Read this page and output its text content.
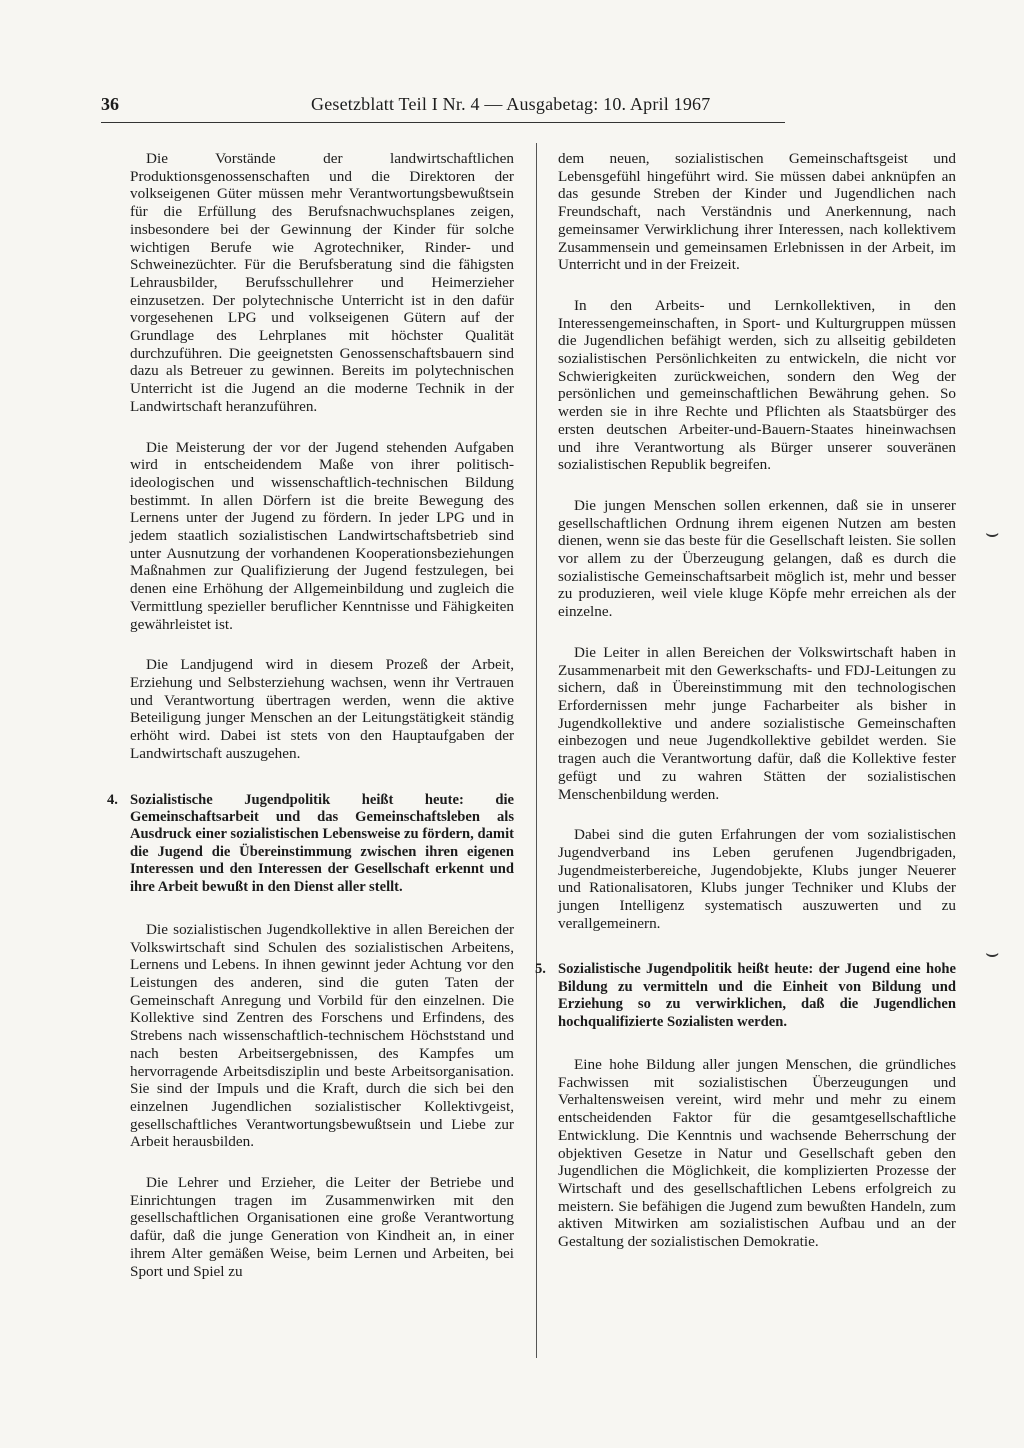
36	Gesetzblatt Teil I Nr. 4 — Ausgabetag: 10. April 1967

Die Vorstände der landwirtschaftlichen Produktionsgenossenschaften und die Direktoren der volkseigenen Güter müssen mehr Verantwortungsbewußtsein für die Erfüllung des Berufsnachwuchsplanes zeigen, insbesondere bei der Gewinnung der Kinder für solche wichtigen Berufe wie Agrotechniker, Rinder- und Schweinezüchter. Für die Berufsberatung sind die fähigsten Lehrausbilder, Berufsschullehrer und Heimerzieher einzusetzen. Der polytechnische Unterricht ist in den dafür vorgesehenen LPG und volkseigenen Gütern auf der Grundlage des Lehrplanes mit höchster Qualität durchzuführen. Die geeignetsten Genossenschaftsbauern sind dazu als Betreuer zu gewinnen. Bereits im polytechnischen Unterricht ist die Jugend an die moderne Technik in der Landwirtschaft heranzuführen.

Die Meisterung der vor der Jugend stehenden Aufgaben wird in entscheidendem Maße von ihrer politisch-ideologischen und wissenschaftlich-technischen Bildung bestimmt. In allen Dörfern ist die breite Bewegung des Lernens unter der Jugend zu fördern. In jeder LPG und in jedem staatlich sozialistischen Landwirtschaftsbetrieb sind unter Ausnutzung der vorhandenen Kooperationsbeziehungen Maßnahmen zur Qualifizierung der Jugend festzulegen, bei denen eine Erhöhung der Allgemeinbildung und zugleich die Vermittlung spezieller beruflicher Kenntnisse und Fähigkeiten gewährleistet ist.

Die Landjugend wird in diesem Prozeß der Arbeit, Erziehung und Selbsterziehung wachsen, wenn ihr Vertrauen und Verantwortung übertragen werden, wenn die aktive Beteiligung junger Menschen an der Leitungstätigkeit ständig erhöht wird. Dabei ist stets von den Hauptaufgaben der Landwirtschaft auszugehen.

4. Sozialistische Jugendpolitik heißt heute: die Gemeinschaftsarbeit und das Gemeinschaftsleben als Ausdruck einer sozialistischen Lebensweise zu fördern, damit die Jugend die Übereinstimmung zwischen ihren eigenen Interessen und den Interessen der Gesellschaft erkennt und ihre Arbeit bewußt in den Dienst aller stellt.

Die sozialistischen Jugendkollektive in allen Bereichen der Volkswirtschaft sind Schulen des sozialistischen Arbeitens, Lernens und Lebens. In ihnen gewinnt jeder Achtung vor den Leistungen des anderen, sind die guten Taten der Gemeinschaft Anregung und Vorbild für den einzelnen. Die Kollektive sind Zentren des Forschens und Erfindens, des Strebens nach wissenschaftlich-technischem Höchststand und nach besten Arbeitsergebnissen, des Kampfes um hervorragende Arbeitsdisziplin und beste Arbeitsorganisation. Sie sind der Impuls und die Kraft, durch die sich bei den einzelnen Jugendlichen sozialistischer Kollektivgeist, gesellschaftliches Verantwortungsbewußtsein und Liebe zur Arbeit herausbilden.

Die Lehrer und Erzieher, die Leiter der Betriebe und Einrichtungen tragen im Zusammenwirken mit den gesellschaftlichen Organisationen eine große Verantwortung dafür, daß die junge Generation von Kindheit an, in einer ihrem Alter gemäßen Weise, beim Lernen und Arbeiten, bei Sport und Spiel zu

dem neuen, sozialistischen Gemeinschaftsgeist und Lebensgefühl hingeführt wird. Sie müssen dabei anknüpfen an das gesunde Streben der Kinder und Jugendlichen nach Freundschaft, nach Verständnis und Anerkennung, nach gemeinsamer Verwirklichung ihrer Interessen, nach kollektivem Zusammensein und gemeinsamen Erlebnissen in der Arbeit, im Unterricht und in der Freizeit.

In den Arbeits- und Lernkollektiven, in den Interessengemeinschaften, in Sport- und Kulturgruppen müssen die Jugendlichen befähigt werden, sich zu allseitig gebildeten sozialistischen Persönlichkeiten zu entwickeln, die nicht vor Schwierigkeiten zurückweichen, sondern den Weg der persönlichen und gemeinschaftlichen Bewährung gehen. So werden sie in ihre Rechte und Pflichten als Staatsbürger des ersten deutschen Arbeiter-und-Bauern-Staates hineinwachsen und ihre Verantwortung als Bürger unserer souveränen sozialistischen Republik begreifen.

Die jungen Menschen sollen erkennen, daß sie in unserer gesellschaftlichen Ordnung ihrem eigenen Nutzen am besten dienen, wenn sie das beste für die Gesellschaft leisten. Sie sollen vor allem zu der Überzeugung gelangen, daß es durch die sozialistische Gemeinschaftsarbeit möglich ist, mehr und besser zu produzieren, weil viele kluge Köpfe mehr erreichen als der einzelne.

Die Leiter in allen Bereichen der Volkswirtschaft haben in Zusammenarbeit mit den Gewerkschafts- und FDJ-Leitungen zu sichern, daß in Übereinstimmung mit den technologischen Erfordernissen mehr junge Facharbeiter als bisher in Jugendkollektive und andere sozialistische Gemeinschaften einbezogen und neue Jugendkollektive gebildet werden. Sie tragen auch die Verantwortung dafür, daß die Kollektive fester gefügt und zu wahren Stätten der sozialistischen Menschenbildung werden.

Dabei sind die guten Erfahrungen der vom sozialistischen Jugendverband ins Leben gerufenen Jugendbrigaden, Jugendmeisterbereiche, Jugendobjekte, Klubs junger Neuerer und Rationalisatoren, Klubs junger Techniker und Klubs der jungen Intelligenz systematisch auszuwerten und zu verallgemeinern.

5. Sozialistische Jugendpolitik heißt heute: der Jugend eine hohe Bildung zu vermitteln und die Einheit von Bildung und Erziehung so zu verwirklichen, daß die Jugendlichen hochqualifizierte Sozialisten werden.

Eine hohe Bildung aller jungen Menschen, die gründliches Fachwissen mit sozialistischen Überzeugungen und Verhaltensweisen vereint, wird mehr und mehr zu einem entscheidenden Faktor für die gesamtgesellschaftliche Entwicklung. Die Kenntnis und wachsende Beherrschung der objektiven Gesetze in Natur und Gesellschaft geben den Jugendlichen die Möglichkeit, die komplizierten Prozesse der Wirtschaft und des gesellschaftlichen Lebens erfolgreich zu meistern. Sie befähigen die Jugend zum bewußten Handeln, zum aktiven Mitwirken am sozialistischen Aufbau und an der Gestaltung der sozialistischen Demokratie.

⌣
⌣
